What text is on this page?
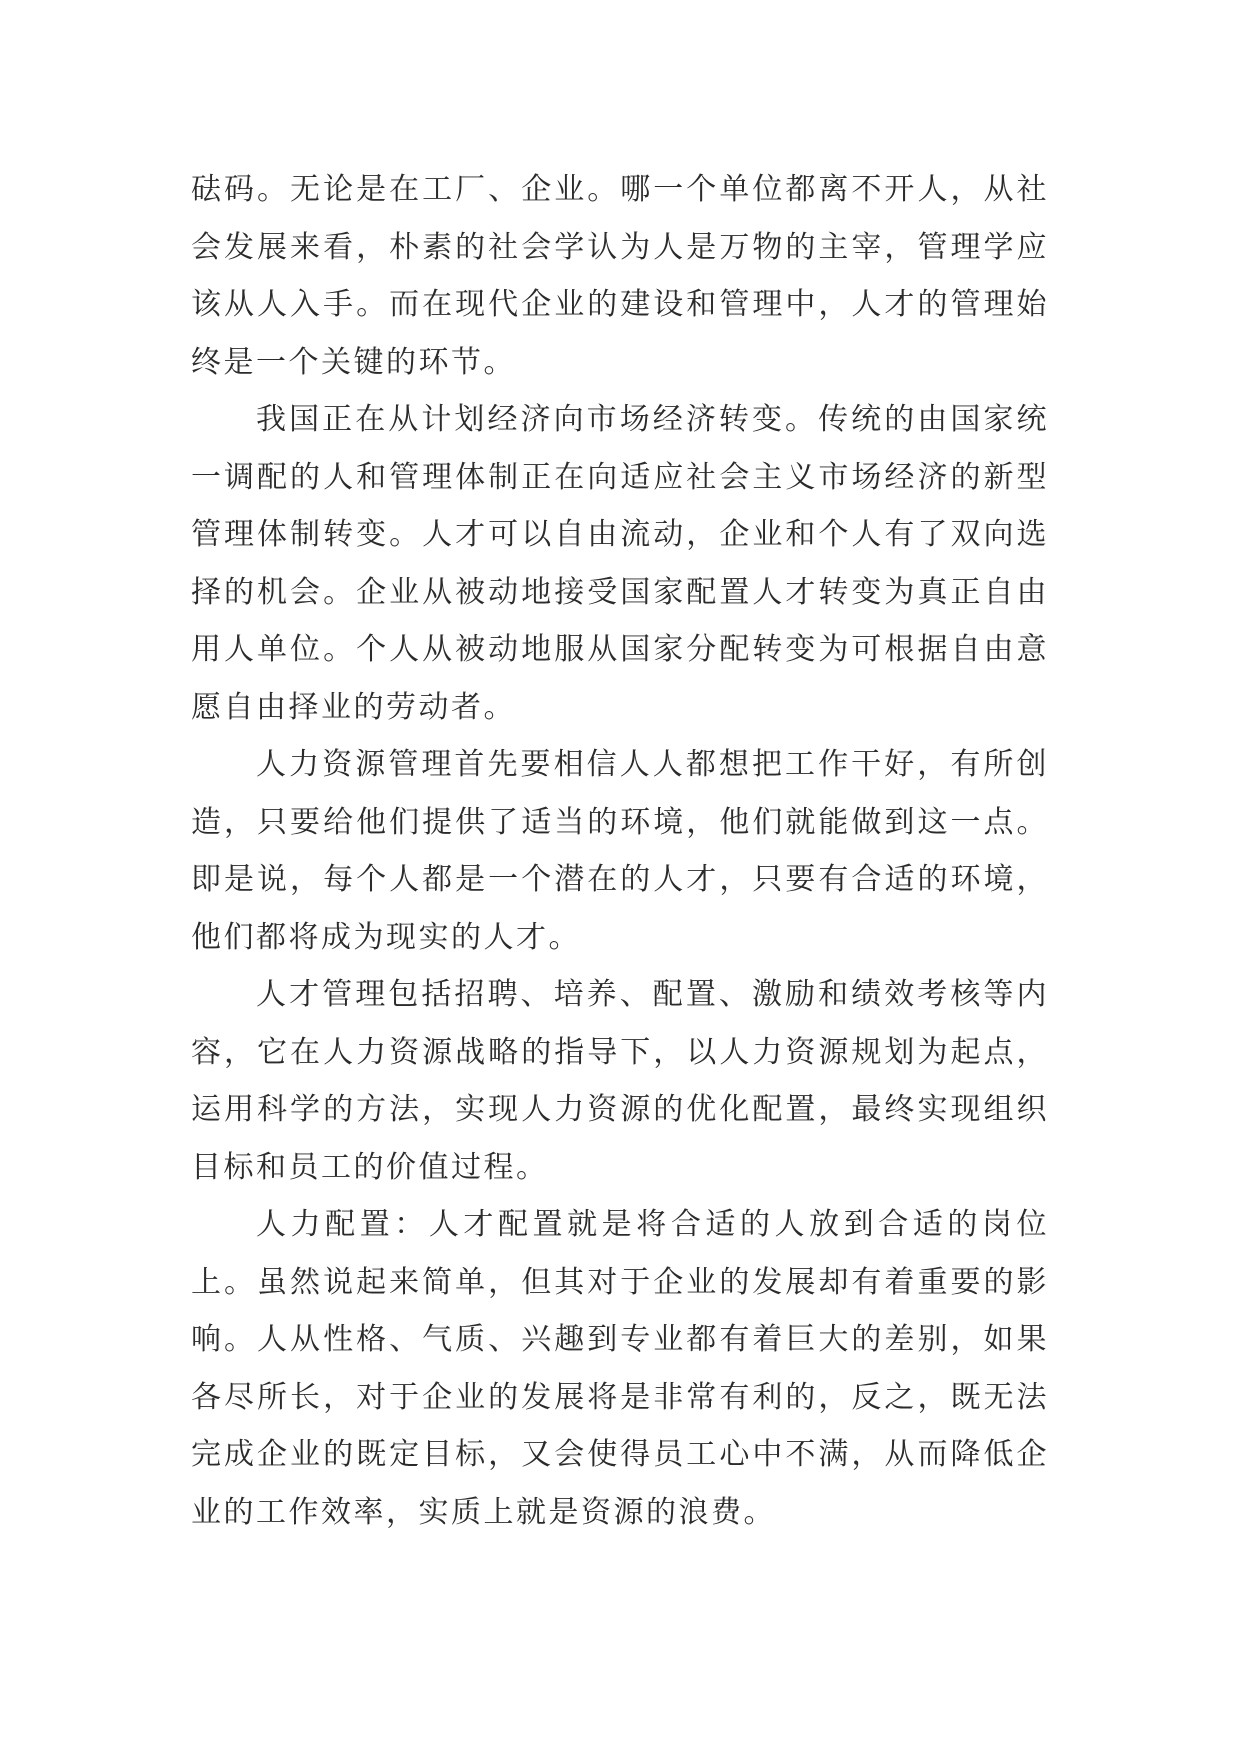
砝码。无论是在工厂、企业。哪一个单位都离不开人，从社会发展来看，朴素的社会学认为人是万物的主宰，管理学应该从人入手。而在现代企业的建设和管理中，人才的管理始终是一个关键的环节。

我国正在从计划经济向市场经济转变。传统的由国家统一调配的人和管理体制正在向适应社会主义市场经济的新型管理体制转变。人才可以自由流动，企业和个人有了双向选择的机会。企业从被动地接受国家配置人才转变为真正自由用人单位。个人从被动地服从国家分配转变为可根据自由意愿自由择业的劳动者。

人力资源管理首先要相信人人都想把工作干好，有所创造，只要给他们提供了适当的环境，他们就能做到这一点。即是说，每个人都是一个潜在的人才，只要有合适的环境，他们都将成为现实的人才。

人才管理包括招聘、培养、配置、激励和绩效考核等内容，它在人力资源战略的指导下，以人力资源规划为起点，运用科学的方法，实现人力资源的优化配置，最终实现组织目标和员工的价值过程。

人力配置：人才配置就是将合适的人放到合适的岗位上。虽然说起来简单，但其对于企业的发展却有着重要的影响。人从性格、气质、兴趣到专业都有着巨大的差别，如果各尽所长，对于企业的发展将是非常有利的，反之，既无法完成企业的既定目标，又会使得员工心中不满，从而降低企业的工作效率，实质上就是资源的浪费。
